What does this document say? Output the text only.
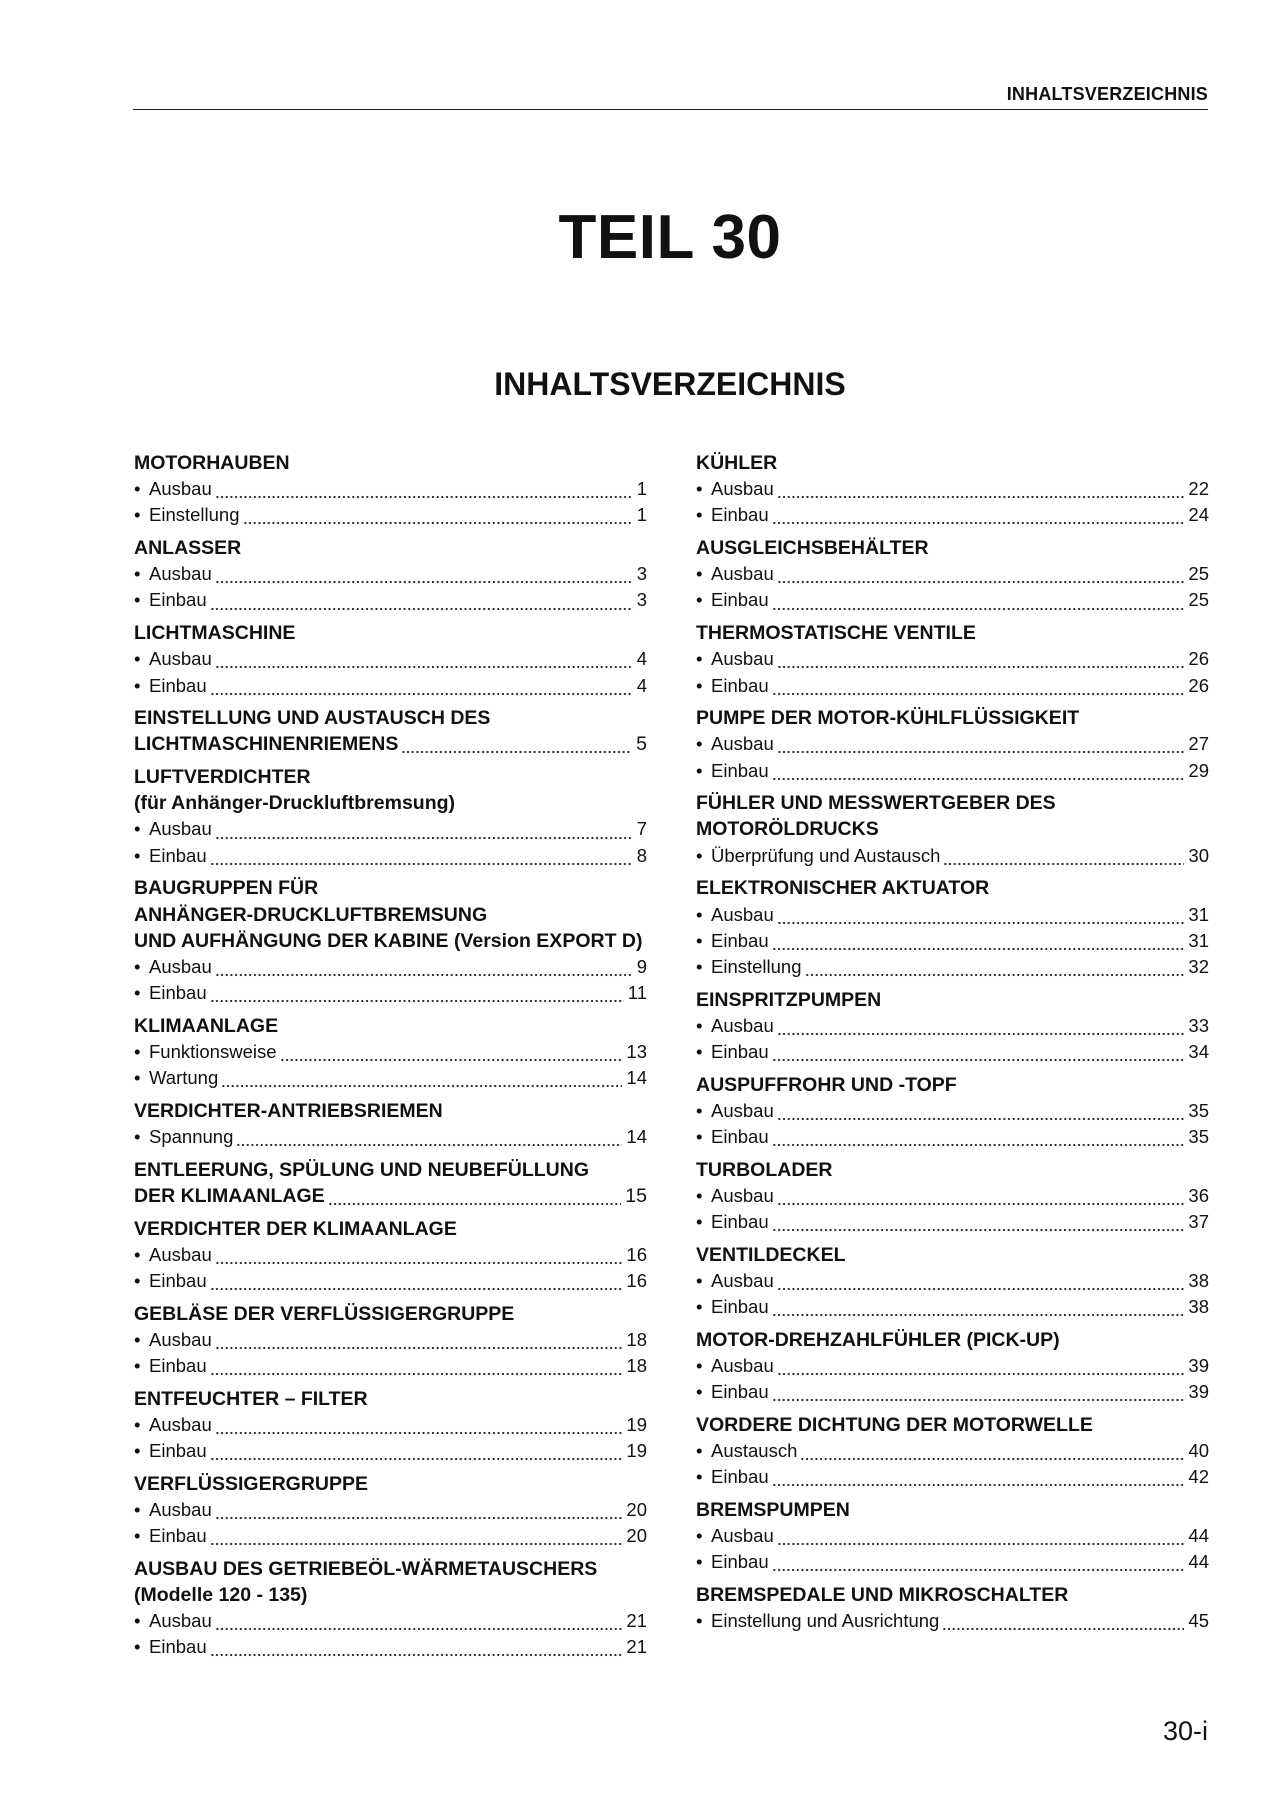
INHALTSVERZEICHNIS
TEIL 30
INHALTSVERZEICHNIS
MOTORHAUBEN
• Ausbau	1
• Einstellung	1
ANLASSER
• Ausbau	3
• Einbau	3
LICHTMASCHINE
• Ausbau	4
• Einbau	4
EINSTELLUNG UND AUSTAUSCH DES
LICHTMASCHINENRIEMENS	5
LUFTVERDICHTER
(für Anhänger-Druckluftbremsung)
• Ausbau	7
• Einbau	8
BAUGRUPPEN FÜR
ANHÄNGER-DRUCKLUFTBREMSUNG
UND AUFHÄNGUNG DER KABINE (Version EXPORT D)
• Ausbau	9
• Einbau	11
KLIMAANLAGE
• Funktionsweise	13
• Wartung	14
VERDICHTER-ANTRIEBSRIEMEN
• Spannung	14
ENTLEERUNG, SPÜLUNG UND NEUBEFÜLLUNG
DER KLIMAANLAGE	15
VERDICHTER DER KLIMAANLAGE
• Ausbau	16
• Einbau	16
GEBLÄSE DER VERFLÜSSIGERGRUPPE
• Ausbau	18
• Einbau	18
ENTFEUCHTER – FILTER
• Ausbau	19
• Einbau	19
VERFLÜSSIGERGRUPPE
• Ausbau	20
• Einbau	20
AUSBAU DES GETRIEBEÖL-WÄRMETAUSCHERS
(Modelle 120 - 135)
• Ausbau	21
• Einbau	21
KÜHLER
• Ausbau	22
• Einbau	24
AUSGLEICHSBEHÄLTER
• Ausbau	25
• Einbau	25
THERMOSTATISCHE VENTILE
• Ausbau	26
• Einbau	26
PUMPE DER MOTOR-KÜHLFLÜSSIGKEIT
• Ausbau	27
• Einbau	29
FÜHLER UND MESSWERTGEBER DES
MOTORÖLDRUCKS
• Überprüfung und Austausch	30
ELEKTRONISCHER AKTUATOR
• Ausbau	31
• Einbau	31
• Einstellung	32
EINSPRITZPUMPEN
• Ausbau	33
• Einbau	34
AUSPUFFROHR UND -TOPF
• Ausbau	35
• Einbau	35
TURBOLADER
• Ausbau	36
• Einbau	37
VENTILDECKEL
• Ausbau	38
• Einbau	38
MOTOR-DREHZAHLFÜHLER (PICK-UP)
• Ausbau	39
• Einbau	39
VORDERE DICHTUNG DER MOTORWELLE
• Austausch	40
• Einbau	42
BREMSPUMPEN
• Ausbau	44
• Einbau	44
BREMSPEDALE UND MIKROSCHALTER
• Einstellung und Ausrichtung	45
30-i
